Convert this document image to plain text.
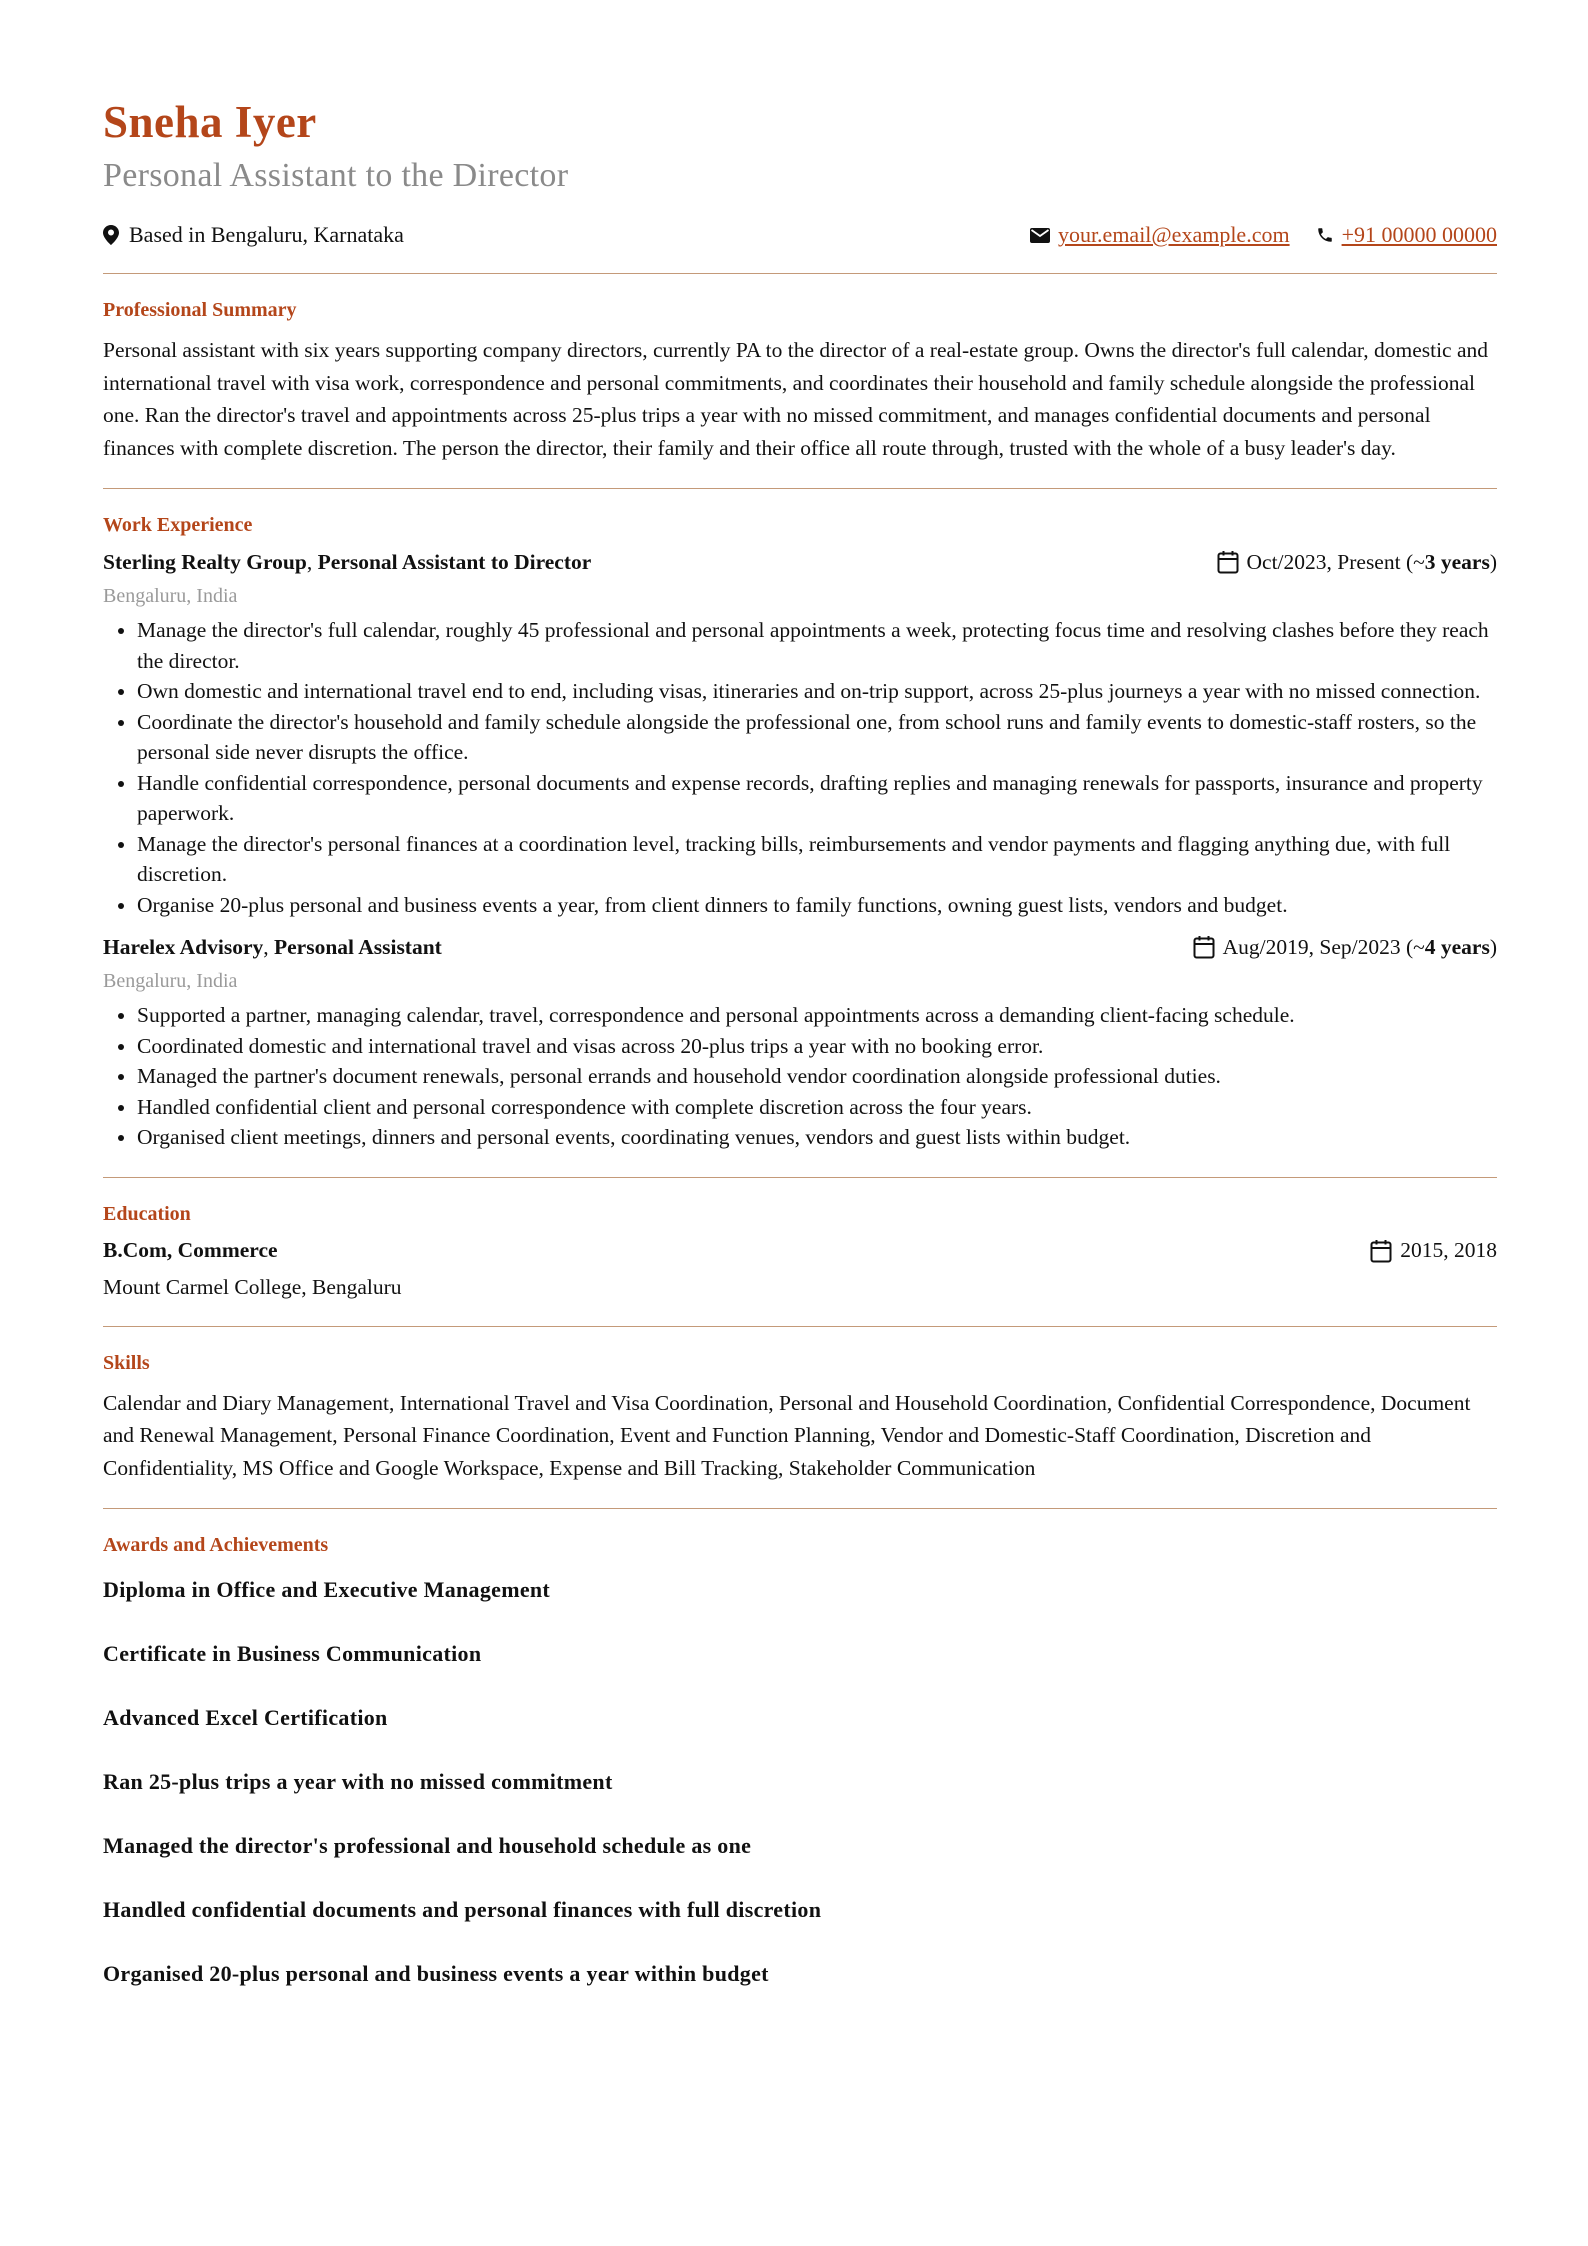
Sneha Iyer
Personal Assistant to the Director
Based in Bengaluru, Karnataka	your.email@example.com +91 00000 00000
Professional Summary
Personal assistant with six years supporting company directors, currently PA to the director of a real-estate group. Owns the director's full calendar, domestic and international travel with visa work, correspondence and personal commitments, and coordinates their household and family schedule alongside the professional one. Ran the director's travel and appointments across 25-plus trips a year with no missed commitment, and manages confidential documents and personal finances with complete discretion. The person the director, their family and their office all route through, trusted with the whole of a busy leader's day.
Work Experience
Sterling Realty Group, Personal Assistant to Director	Oct/2023, Present (~ 3 years )
Bengaluru, India
• Manage the director's full calendar, roughly 45 professional and personal appointments a week, protecting focus time and resolving clashes before they reach the director.
• Own domestic and international travel end to end, including visas, itineraries and on-trip support, across 25-plus journeys a year with no missed connection.
• Coordinate the director's household and family schedule alongside the professional one, from school runs and family events to domestic-staff rosters, so the personal side never disrupts the office.
• Handle confidential correspondence, personal documents and expense records, drafting replies and managing renewals for passports, insurance and property paperwork.
• Manage the director's personal finances at a coordination level, tracking bills, reimbursements and vendor payments and flagging anything due, with full discretion.
• Organise 20-plus personal and business events a year, from client dinners to family functions, owning guest lists, vendors and budget.
Harelex Advisory, Personal Assistant	Aug/2019, Sep/2023 (~ 4 years )
Bengaluru, India
• Supported a partner, managing calendar, travel, correspondence and personal appointments across a demanding client-facing schedule.
• Coordinated domestic and international travel and visas across 20-plus trips a year with no booking error.
• Managed the partner's document renewals, personal errands and household vendor coordination alongside professional duties.
• Handled confidential client and personal correspondence with complete discretion across the four years.
• Organised client meetings, dinners and personal events, coordinating venues, vendors and guest lists within budget.
Education
B.Com, Commerce	2015, 2018
Mount Carmel College, Bengaluru
Skills
Calendar and Diary Management, International Travel and Visa Coordination, Personal and Household Coordination, Confidential Correspondence, Document and Renewal Management, Personal Finance Coordination, Event and Function Planning, Vendor and Domestic-Staff Coordination, Discretion and Confidentiality, MS Office and Google Workspace, Expense and Bill Tracking, Stakeholder Communication
Awards and Achievements
Diploma in Office and Executive Management
Certificate in Business Communication
Advanced Excel Certification
Ran 25-plus trips a year with no missed commitment
Managed the director's professional and household schedule as one
Handled confidential documents and personal finances with full discretion
Organised 20-plus personal and business events a year within budget
